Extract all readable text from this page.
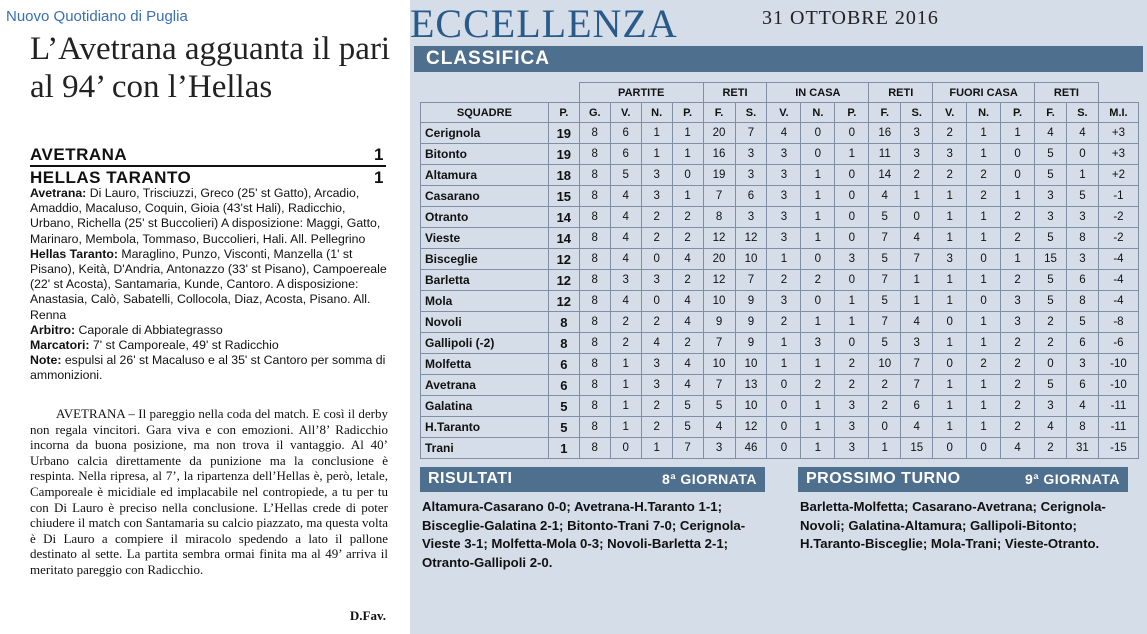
Nuovo Quotidiano di Puglia
L’Avetrana agguanta il pari al 94’ con l’Hellas
AVETRANA	1
HELLAS TARANTO	1

Avetrana: Di Lauro, Trisciuzzi, Greco (25' st Gatto), Arcadio, Amaddio, Macaluso, Coquin, Gioia (43'st Hali), Radicchio, Urbano, Richella (25' st Buccolieri) A disposizione: Maggi, Gatto, Marinaro, Membola, Tommaso, Buccolieri, Hali. All. Pellegrino

Hellas Taranto: Maraglino, Punzo, Visconti, Manzella (1' st Pisano), Keità, D'Andria, Antonazzo (33' st Pisano), Campoereale (22' st Acosta), Santamaria, Kunde, Cantoro. A disposizione: Anastasia, Calò, Sabatelli, Collocola, Diaz, Acosta, Pisano. All. Renna

Arbitro: Caporale di Abbiategrasso

Marcatori: 7' st Camporeale, 49' st Radicchio

Note: espulsi al 26' st Macaluso e al 35' st Cantoro per somma di ammonizioni.

AVETRANA – Il pareggio nella coda del match. E così il derby non regala vincitori. Gara viva e con emozioni. All’8’ Radicchio incorna da buona posizione, ma non trova il vantaggio. Al 40’ Urbano calcia direttamente da punizione ma la conclusione è respinta. Nella ripresa, al 7’, la ripartenza dell’Hellas è, però, letale, Camporeale è micidiale ed implacabile nel contropiede, a tu per tu con Di Lauro è preciso nella conclusione. L’Hellas crede di poter chiudere il match con Santamaria su calcio piazzato, ma questa volta è Di Lauro a compiere il miracolo spedendo a lato il pallone destinato al sette. La partita sembra ormai finita ma al 49’ arriva il meritato pareggio con Radicchio.

D.Fav.
ECCELLENZA	31 OTTOBRE 2016
CLASSIFICA
		PARTITE				RETI		IN CASA			RETI		FUORI CASA			RETI		
SQUADRE	P.	G.	V.	N.	P.	F.	S.	V.	N.	P.	F.	S.	V.	N.	P.	F.	S.	M.I.
Cerignola	19	8	6	1	1	20	7	4	0	0	16	3	2	1	1	4	4	+3
Bitonto	19	8	6	1	1	16	3	3	0	1	11	3	3	1	0	5	0	+3
Altamura	18	8	5	3	0	19	3	3	1	0	14	2	2	2	0	5	1	+2
Casarano	15	8	4	3	1	7	6	3	1	0	4	1	1	2	1	3	5	-1
Otranto	14	8	4	2	2	8	3	3	1	0	5	0	1	1	2	3	3	-2
Vieste	14	8	4	2	2	12	12	3	1	0	7	4	1	1	2	5	8	-2
Bisceglie	12	8	4	0	4	20	10	1	0	3	5	7	3	0	1	15	3	-4
Barletta	12	8	3	3	2	12	7	2	2	0	7	1	1	1	2	5	6	-4
Mola	12	8	4	0	4	10	9	3	0	1	5	1	1	0	3	5	8	-4
Novoli	8	8	2	2	4	9	9	2	1	1	7	4	0	1	3	2	5	-8
Gallipoli (-2)	8	8	2	4	2	7	9	1	3	0	5	3	1	1	2	2	6	-6
Molfetta	6	8	1	3	4	10	10	1	1	2	10	7	0	2	2	0	3	-10
Avetrana	6	8	1	3	4	7	13	0	2	2	2	7	1	1	2	5	6	-10
Galatina	5	8	1	2	5	5	10	0	1	3	2	6	1	1	2	3	4	-11
H.Taranto	5	8	1	2	5	4	12	0	1	3	0	4	1	1	2	4	8	-11
Trani	1	8	0	1	7	3	46	0	1	3	1	15	0	0	4	2	31	-15
RISULTATI	8ª GIORNATA
Altamura-Casarano 0-0; Avetrana-H.Taranto 1-1; Bisceglie-Galatina 2-1; Bitonto-Trani 7-0; Cerignola-Vieste 3-1; Molfetta-Mola 0-3; Novoli-Barletta 2-1; Otranto-Gallipoli 2-0.
PROSSIMO TURNO	9ª GIORNATA
Barletta-Molfetta; Casarano-Avetrana; Cerignola-Novoli; Galatina-Altamura; Gallipoli-Bitonto; H.Taranto-Bisceglie; Mola-Trani; Vieste-Otranto.
